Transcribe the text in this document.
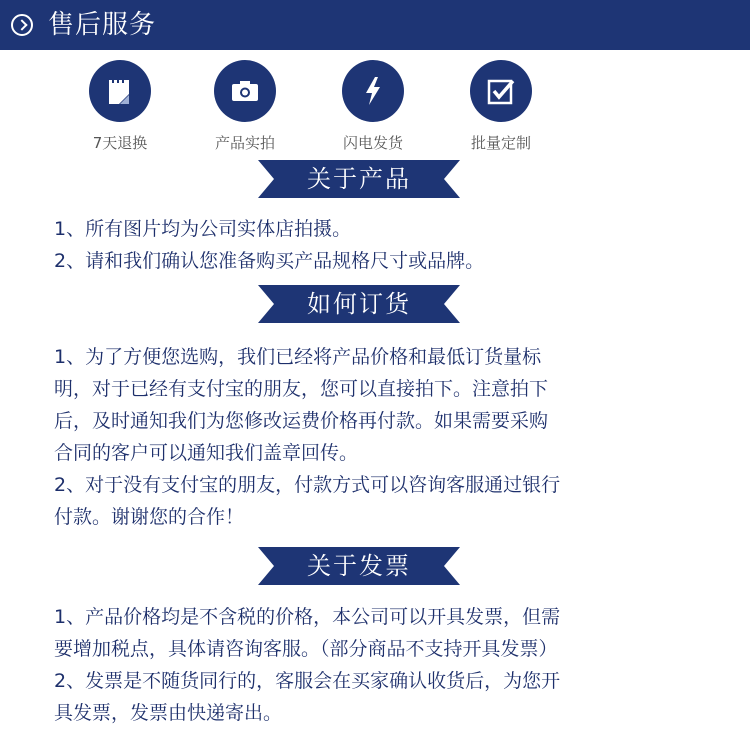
售后服务
7天退换	产品实拍	闪电发货	批量定制
关于产品
1、所有图片均为公司实体店拍摄。
2、请和我们确认您准备购买产品规格尺寸或品牌。
如何订货
1、为了方便您选购，我们已经将产品价格和最低订货量标
明，对于已经有支付宝的朋友，您可以直接拍下。注意拍下
后，及时通知我们为您修改运费价格再付款。如果需要采购
合同的客户可以通知我们盖章回传。
2、对于没有支付宝的朋友，付款方式可以咨询客服通过银行
付款。谢谢您的合作！
关于发票
1、产品价格均是不含税的价格，本公司可以开具发票，但需
要增加税点，具体请咨询客服。（部分商品不支持开具发票）
2、发票是不随货同行的，客服会在买家确认收货后，为您开
具发票，发票由快递寄出。
